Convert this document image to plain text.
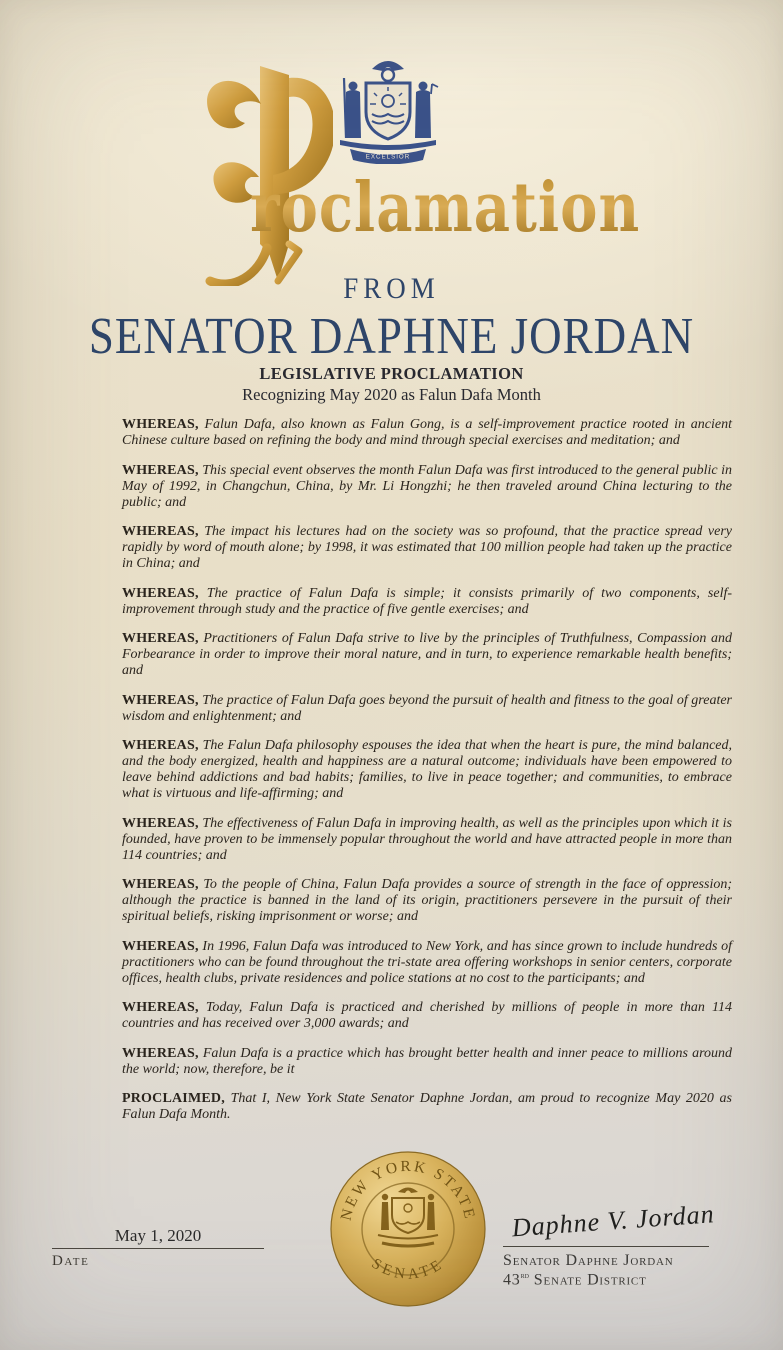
roclamation
EXCELSIOR
FROM
SENATOR DAPHNE JORDAN
LEGISLATIVE PROCLAMATION
Recognizing May 2020 as Falun Dafa Month

WHEREAS, Falun Dafa, also known as Falun Gong, is a self-improvement practice rooted in ancient Chinese culture based on refining the body and mind through special exercises and meditation; and

WHEREAS, This special event observes the month Falun Dafa was first introduced to the general public in May of 1992, in Changchun, China, by Mr. Li Hongzhi; he then traveled around China lecturing to the public; and

WHEREAS, The impact his lectures had on the society was so profound, that the practice spread very rapidly by word of mouth alone; by 1998, it was estimated that 100 million people had taken up the practice in China; and

WHEREAS, The practice of Falun Dafa is simple; it consists primarily of two components, self-improvement through study and the practice of five gentle exercises; and

WHEREAS, Practitioners of Falun Dafa strive to live by the principles of Truthfulness, Compassion and Forbearance in order to improve their moral nature, and in turn, to experience remarkable health benefits; and

WHEREAS, The practice of Falun Dafa goes beyond the pursuit of health and fitness to the goal of greater wisdom and enlightenment; and

WHEREAS, The Falun Dafa philosophy espouses the idea that when the heart is pure, the mind balanced, and the body energized, health and happiness are a natural outcome; individuals have been empowered to leave behind addictions and bad habits; families, to live in peace together; and communities, to embrace what is virtuous and life-affirming; and

WHEREAS, The effectiveness of Falun Dafa in improving health, as well as the principles upon which it is founded, have proven to be immensely popular throughout the world and have attracted people in more than 114 countries; and

WHEREAS, To the people of China, Falun Dafa provides a source of strength in the face of oppression; although the practice is banned in the land of its origin, practitioners persevere in the pursuit of their spiritual beliefs, risking imprisonment or worse; and

WHEREAS, In 1996, Falun Dafa was introduced to New York, and has since grown to include hundreds of practitioners who can be found throughout the tri-state area offering workshops in senior centers, corporate offices, health clubs, private residences and police stations at no cost to the participants; and

WHEREAS, Today, Falun Dafa is practiced and cherished by millions of people in more than 114 countries and has received over 3,000 awards; and

WHEREAS, Falun Dafa is a practice which has brought better health and inner peace to millions around the world; now, therefore, be it

PROCLAIMED, That I, New York State Senator Daphne Jordan, am proud to recognize May 2020 as Falun Dafa Month.

NEW YORK STATE
SENATE
May 1, 2020
Date
Daphne V. Jordan
Senator Daphne Jordan
43rd Senate District
